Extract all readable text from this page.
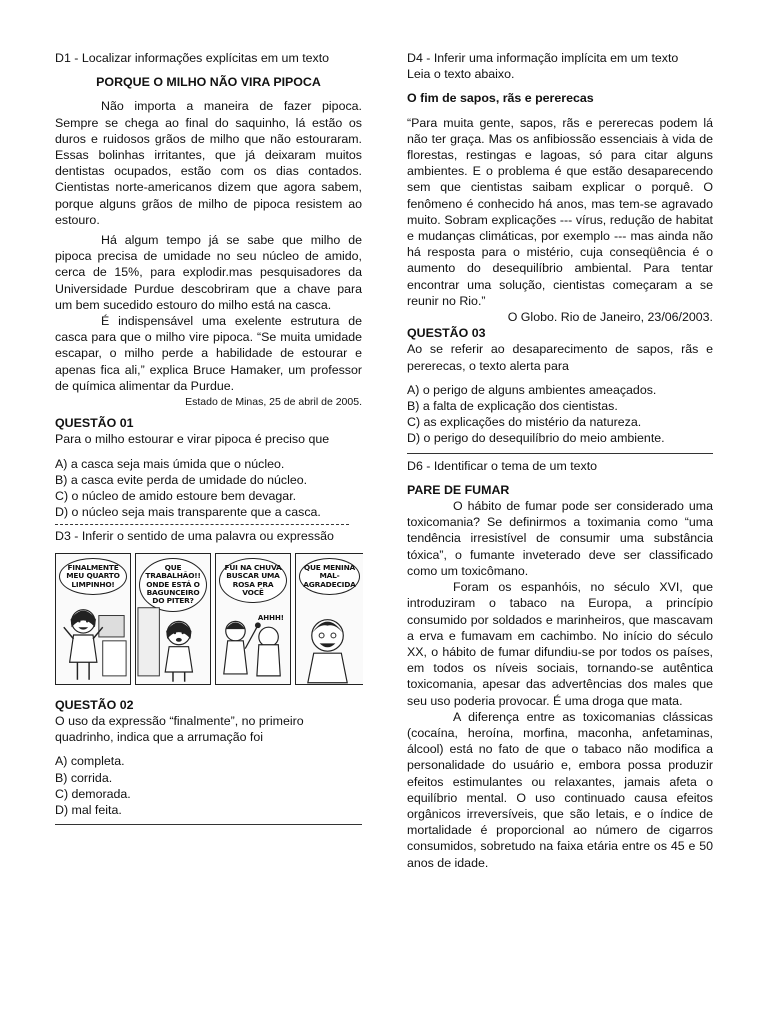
D1 - Localizar informações explícitas em um texto

PORQUE O MILHO NÃO VIRA PIPOCA

Não importa a maneira de fazer pipoca. Sempre se chega ao final do saquinho, lá estão os duros e ruidosos grãos de milho que não estouraram. Essas bolinhas irritantes, que já deixaram muitos dentistas ocupados, estão com os dias contados. Cientistas norte-americanos dizem que agora sabem, porque alguns grãos de milho de pipoca resistem ao estouro.

Há algum tempo já se sabe que milho de pipoca precisa de umidade no seu núcleo de amido, cerca de 15%, para explodir.mas pesquisadores da Universidade Purdue descobriram que a chave para um bem sucedido estouro do milho está na casca.

É indispensável uma exelente estrutura de casca para que o milho vire pipoca. “Se muita umidade escapar, o milho perde a habilidade de estourar e apenas fica ali,” explica Bruce Hamaker, um professor de química alimentar da Purdue.

Estado de Minas, 25 de abril de 2005.

QUESTÃO 01

Para o milho estourar e virar pipoca é preciso que

A) a casca seja mais úmida que o núcleo.

B) a casca evite perda de umidade do núcleo.

C) o núcleo de amido estoure bem devagar.

D) o núcleo seja mais transparente que a casca.

D3 - Inferir o sentido de uma palavra ou expressão

FINALMENTE MEU QUARTO LIMPINHO!
QUE TRABALHÃO!! ONDE ESTÁ O BAGUNCEIRO DO PITER?
FUI NA CHUVA BUSCAR UMA ROSA PRA VOCÊ
AHHH!
QUE MENINA MAL-AGRADECIDA

QUESTÃO 02

O uso da expressão “finalmente”, no primeiro quadrinho, indica que a arrumação foi

A) completa.

B) corrida.

C) demorada.

D) mal feita.

D4 - Inferir uma informação implícita em um texto

Leia o texto abaixo.

O fim de sapos, rãs e pererecas

“Para muita gente, sapos, rãs e pererecas podem lá não ter graça. Mas os anfibiossão essenciais à vida de florestas, restingas e lagoas, só para citar alguns ambientes. E o problema é que estão desaparecendo sem que cientistas saibam explicar o porquê. O fenômeno é conhecido há anos, mas tem-se agravado muito. Sobram explicações --- vírus, redução de habitat e mudanças climáticas, por exemplo --- mas ainda não há resposta para o mistério, cuja conseqüência é o aumento do desequilíbrio ambiental. Para tentar encontrar uma solução, cientistas começaram a se reunir no Rio.”

O Globo. Rio de Janeiro, 23/06/2003.

QUESTÃO 03

Ao se referir ao desaparecimento de sapos, rãs e pererecas, o texto alerta para

A) o perigo de alguns ambientes ameaçados.

B) a falta de explicação dos cientistas.

C) as explicações do mistério da natureza.

D) o perigo do desequilíbrio do meio ambiente.

D6 - Identificar o tema de um texto

PARE DE FUMAR

O hábito de fumar pode ser considerado uma toxicomania? Se definirmos a toximania como “uma tendência irresistível de consumir uma substância tóxica”, o fumante inveterado deve ser classificado como um toxicômano.

Foram os espanhóis, no século XVI, que introduziram o tabaco na Europa, a princípio consumido por soldados e marinheiros, que mascavam a erva e fumavam em cachimbo. No início do século XX, o hábito de fumar difundiu-se por todos os países, em todos os níveis sociais, tornando-se autêntica toxicomania, apesar das advertências dos males que seu uso poderia provocar. É uma droga que mata.

A diferença entre as toxicomanias clássicas (cocaína, heroína, morfina, maconha, anfetaminas, álcool) está no fato de que o tabaco não modifica a personalidade do usuário e, embora possa produzir efeitos estimulantes ou relaxantes, jamais afeta o equilíbrio mental. O uso continuado causa efeitos orgânicos irreversíveis, que são letais, e o índice de mortalidade é proporcional ao número de cigarros consumidos, sobretudo na faixa etária entre os 45 e 50 anos de idade.
